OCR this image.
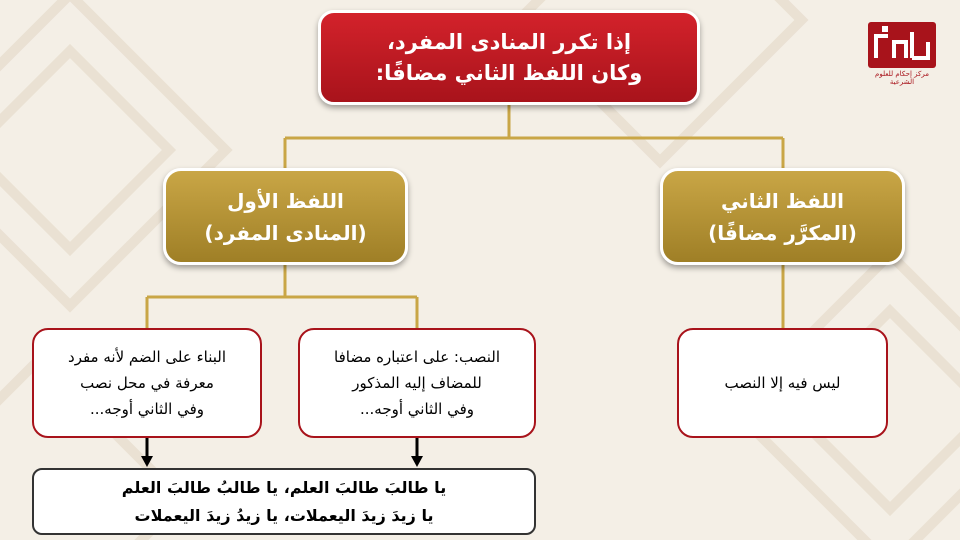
إذا تكرر المنادى المفرد،
وكان اللفظ الثاني مضافًا:
اللفظ الأول
(المنادى المفرد)
اللفظ الثاني
(المكرَّر مضافًا)
البناء على الضم لأنه مفرد
معرفة في محل نصب
وفي الثاني أوجه...
النصب: على اعتباره مضافا
للمضاف إليه المذكور
وفي الثاني أوجه...
ليس فيه إلا النصب
يا طالبَ طالبَ العلم، يا طالبُ طالبَ العلم
يا زيدَ زيدَ اليعملات، يا زيدُ زيدَ اليعملات
مركز إحكام للعلوم الشرعية
